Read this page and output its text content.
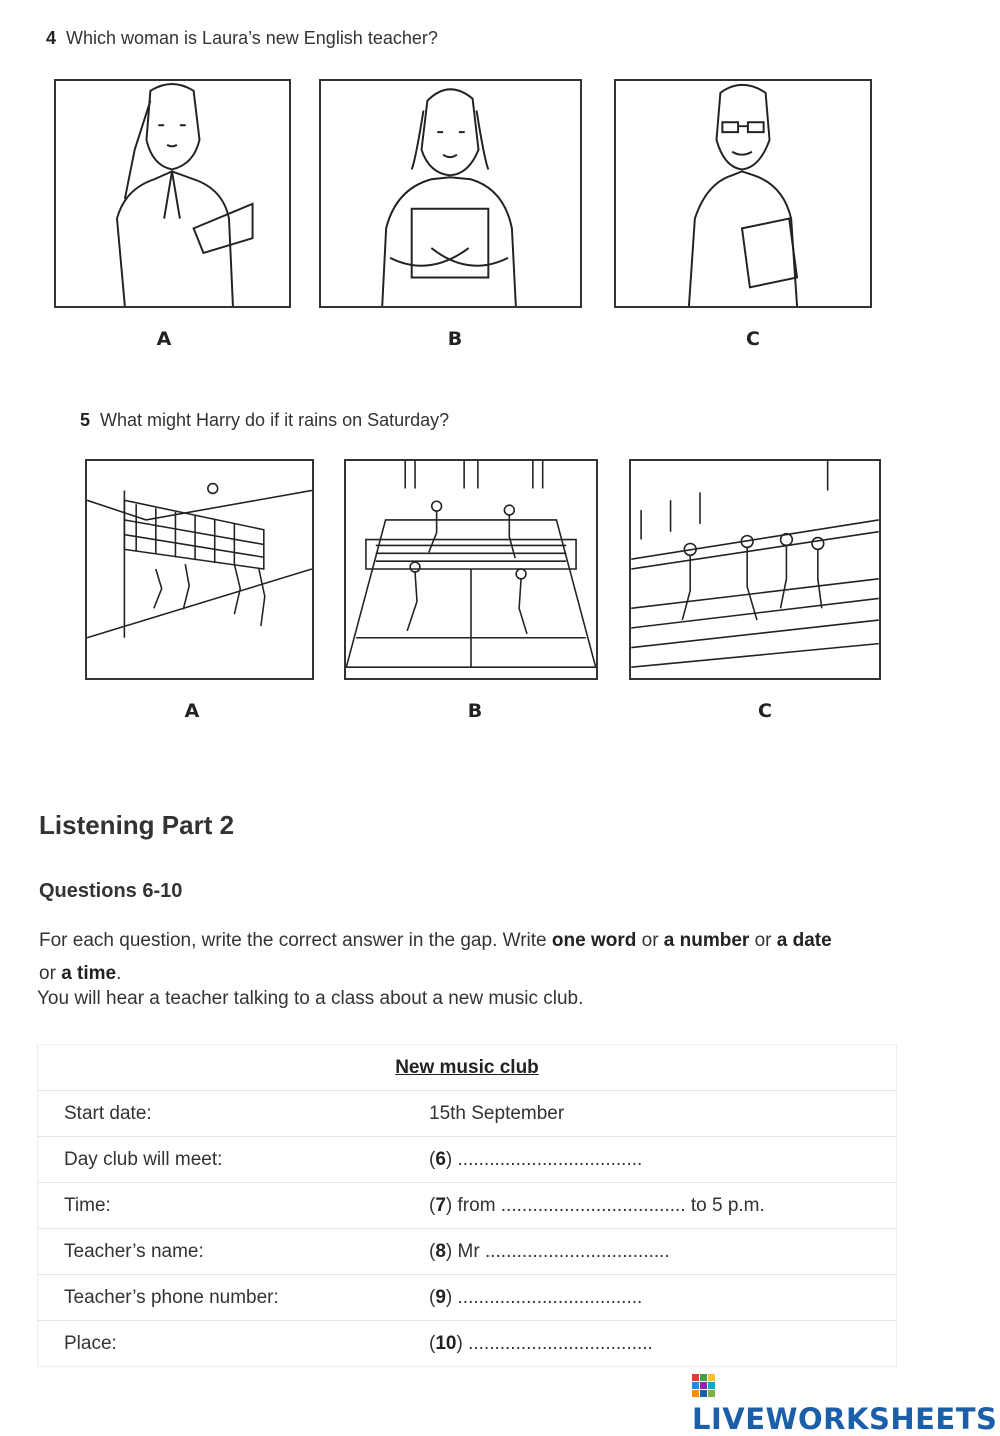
4 Which woman is Laura’s new English teacher?
A	B	C
5 What might Harry do if it rains on Saturday?
A	B	C
Listening Part 2
Questions 6-10
For each question, write the correct answer in the gap. Write one word or a number or a date
or a time.
You will hear a teacher talking to a class about a new music club.
New music club	
Start date:	15th September
Day club will meet:	(6) ...................................
Time:	(7) from ................................... to 5 p.m.
Teacher’s name:	(8) Mr ...................................
Teacher’s phone number:	(9) ...................................
Place:	(10) ...................................
LIVEWORKSHEETS
